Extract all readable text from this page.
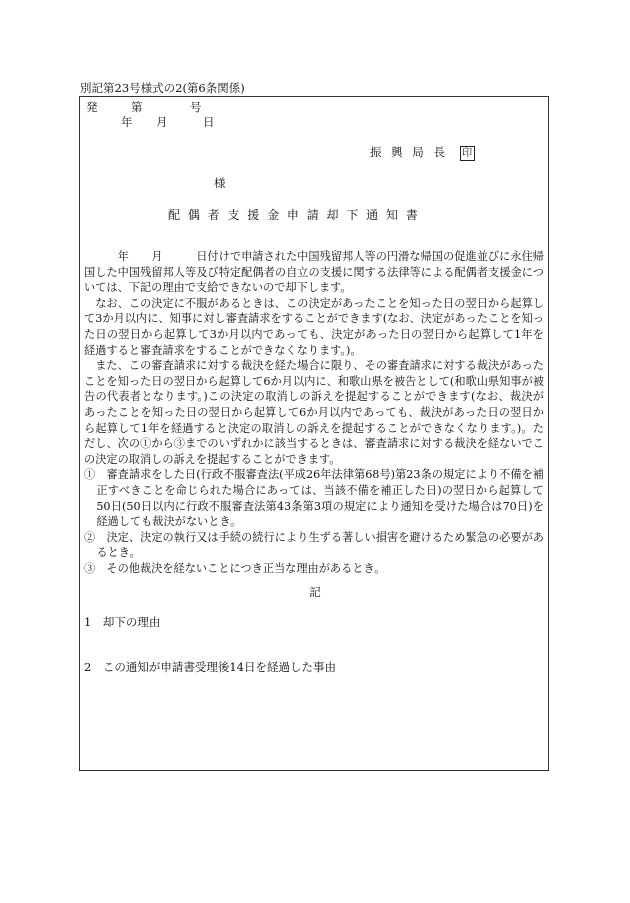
別記第23号様式の2(第6条関係)
発	第	号
年 月	日
振 興 局 長 印
様
配 偶 者 支 援 金 申 請 却 下 通 知 書

　　　年　　月　　　日付けで申請された中国残留邦人等の円滑な帰国の促進並びに永住帰国した中国残留邦人等及び特定配偶者の自立の支援に関する法律等による配偶者支援金については、下記の理由で支給できないので却下します。

なお、この決定に不服があるときは、この決定があったことを知った日の翌日から起算して3か月以内に、知事に対し審査請求をすることができます(なお、決定があったことを知った日の翌日から起算して3か月以内であっても、決定があった日の翌日から起算して1年を経過すると審査請求をすることができなくなります。)。

また、この審査請求に対する裁決を経た場合に限り、その審査請求に対する裁決があったことを知った日の翌日から起算して6か月以内に、和歌山県を被告として(和歌山県知事が被告の代表者となります。)この決定の取消しの訴えを提起することができます(なお、裁決があったことを知った日の翌日から起算して6か月以内であっても、裁決があった日の翌日から起算して1年を経過すると決定の取消しの訴えを提起することができなくなります。)。ただし、次の①から③までのいずれかに該当するときは、審査請求に対する裁決を経ないでこの決定の取消しの訴えを提起することができます。

①　審査請求をした日(行政不服審査法(平成26年法律第68号)第23条の規定により不備を補正すべきことを命じられた場合にあっては、当該不備を補正した日)の翌日から起算して50日(50日以内に行政不服審査法第43条第3項の規定により通知を受けた場合は70日)を経過しても裁決がないとき。

②　決定、決定の執行又は手続の続行により生ずる著しい損害を避けるため緊急の必要があるとき。

③　その他裁決を経ないことにつき正当な理由があるとき。

記
1　却下の理由
2　この通知が申請書受理後14日を経過した事由
